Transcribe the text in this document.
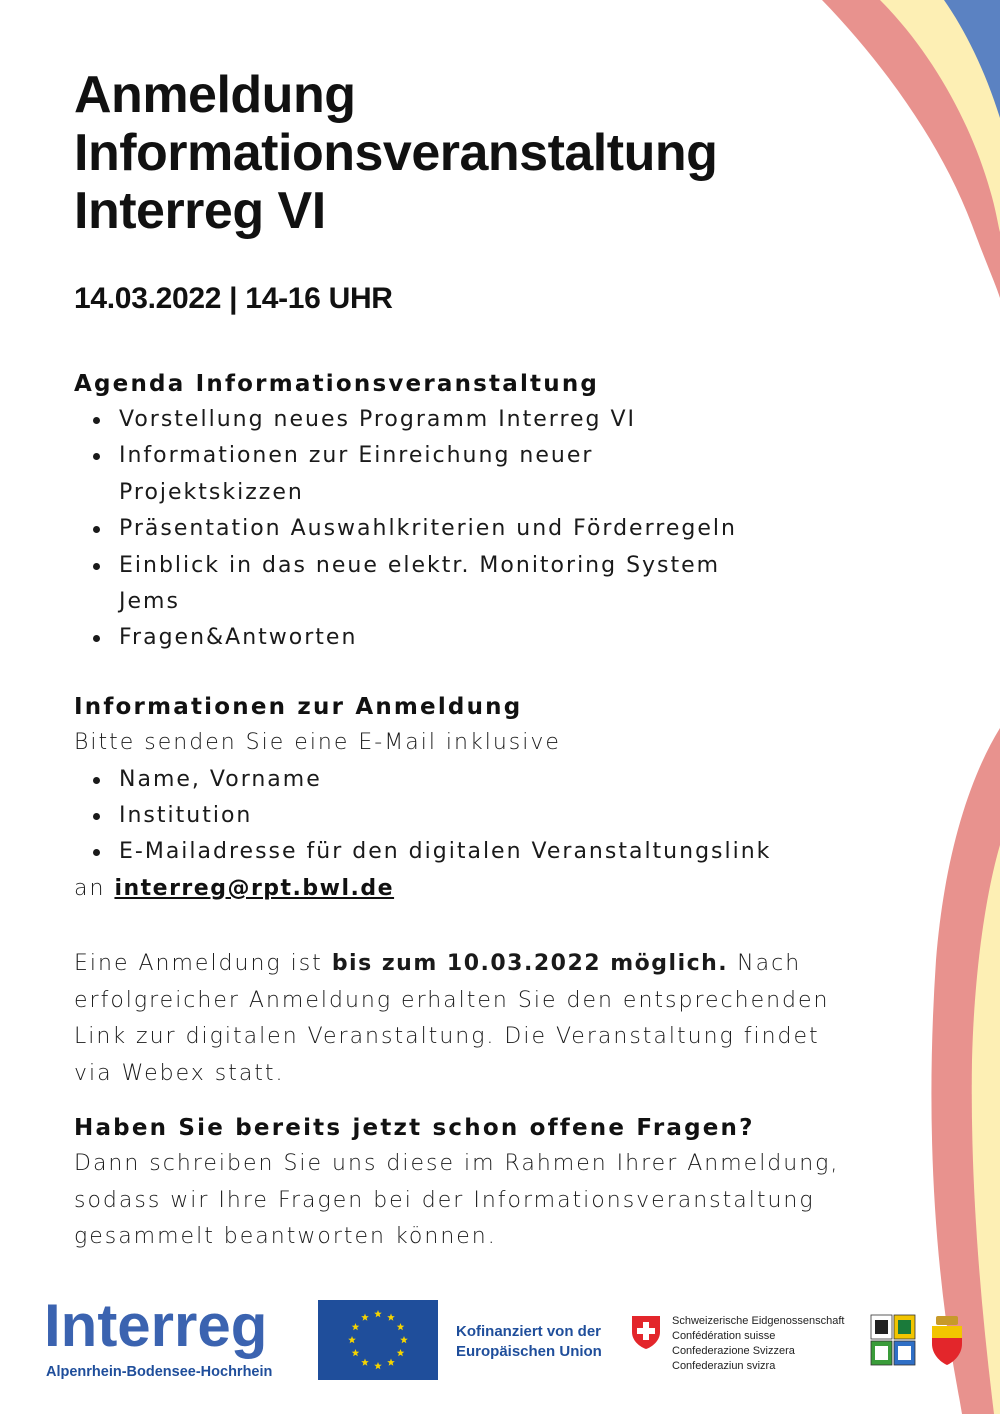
Anmeldung
Informationsveranstaltung
Interreg VI
14.03.2022 | 14-16 UHR

Agenda Informationsveranstaltung

Vorstellung neues Programm Interreg VI
Informationen zur Einreichung neuer Projektskizzen
Präsentation Auswahlkriterien und Förderregeln
Einblick in das neue elektr. Monitoring System Jems
Fragen&Antworten

Informationen zur Anmeldung

Bitte senden Sie eine E-Mail inklusive

Name, Vorname
Institution
E-Mailadresse für den digitalen Veranstaltungslink

an interreg@rpt.bwl.de

Eine Anmeldung ist bis zum 10.03.2022 möglich. Nach erfolgreicher Anmeldung erhalten Sie den entsprechenden Link zur digitalen Veranstaltung. Die Veranstaltung findet via Webex statt.

Haben Sie bereits jetzt schon offene Fragen?

Dann schreiben Sie uns diese im Rahmen Ihrer Anmeldung, sodass wir Ihre Fragen bei der Informationsveranstaltung gesammelt beantworten können.

Interreg
Alpenrhein-Bodensee-Hochrhein
Kofinanziert von der
Europäischen Union
Schweizerische Eidgenossenschaft
Confédération suisse
Confederazione Svizzera
Confederaziun svizra
